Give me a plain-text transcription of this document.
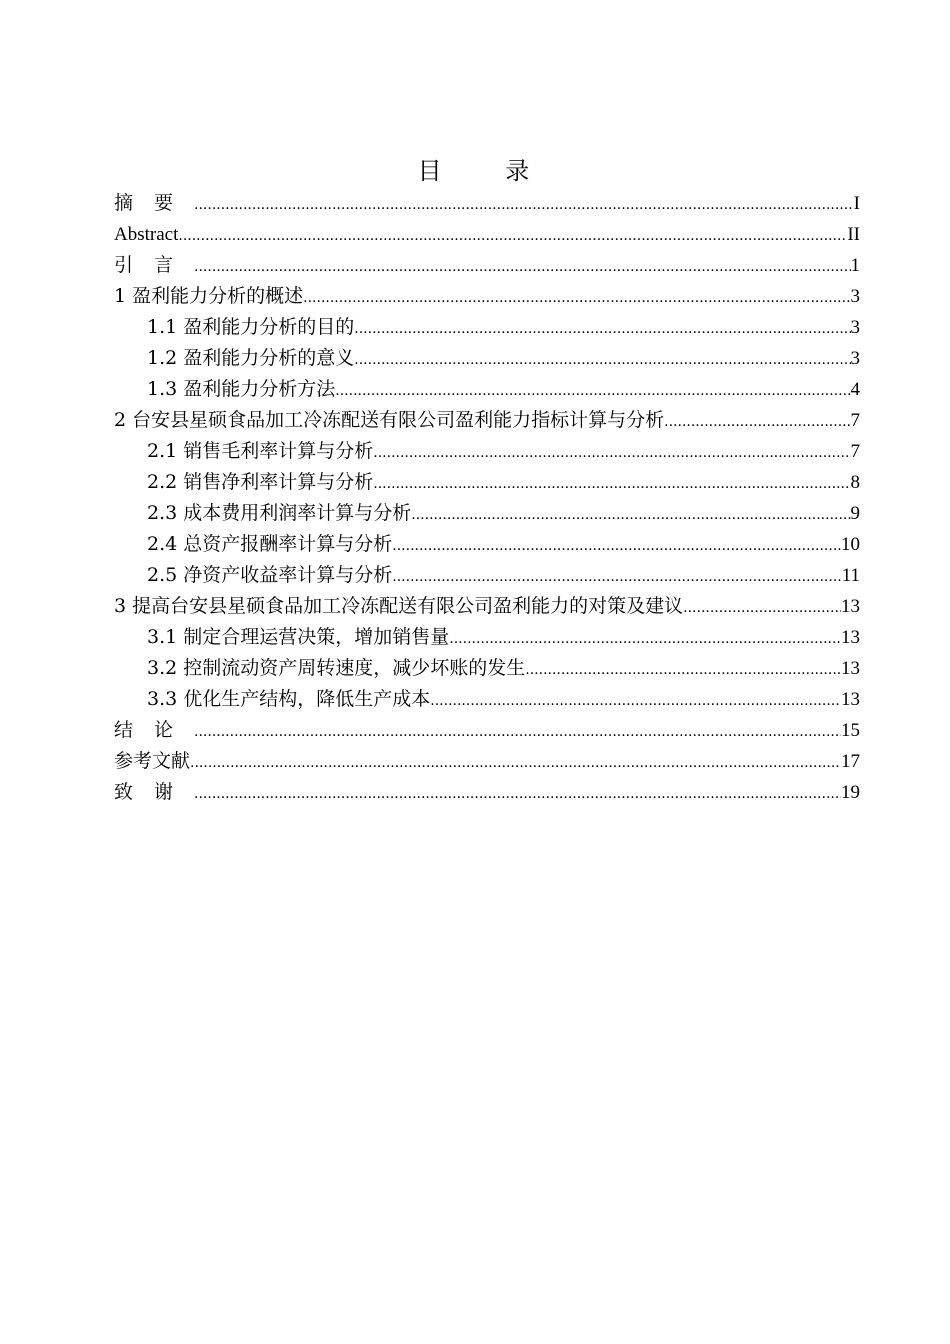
目 录
摘要 .....	I
Abstract .....	II
引言 .....	1
1 盈利能力分析的概述 .....	3
1.1 盈利能力分析的目的 .....	3
1.2 盈利能力分析的意义 .....	3
1.3 盈利能力分析方法 .....	4
2 台安县星硕食品加工冷冻配送有限公司盈利能力指标计算与分析 .....	7
2.1 销售毛利率计算与分析 .....	7
2.2 销售净利率计算与分析 .....	8
2.3 成本费用利润率计算与分析 .....	9
2.4 总资产报酬率计算与分析 .....	10
2.5 净资产收益率计算与分析 .....	11
3 提高台安县星硕食品加工冷冻配送有限公司盈利能力的对策及建议 .....	13
3.1 制定合理运营决策，增加销售量 .....	13
3.2 控制流动资产周转速度，减少坏账的发生 .....	13
3.3 优化生产结构，降低生产成本 .....	13
结论 .....	15
参考文献 .....	17
致谢 .....	19
